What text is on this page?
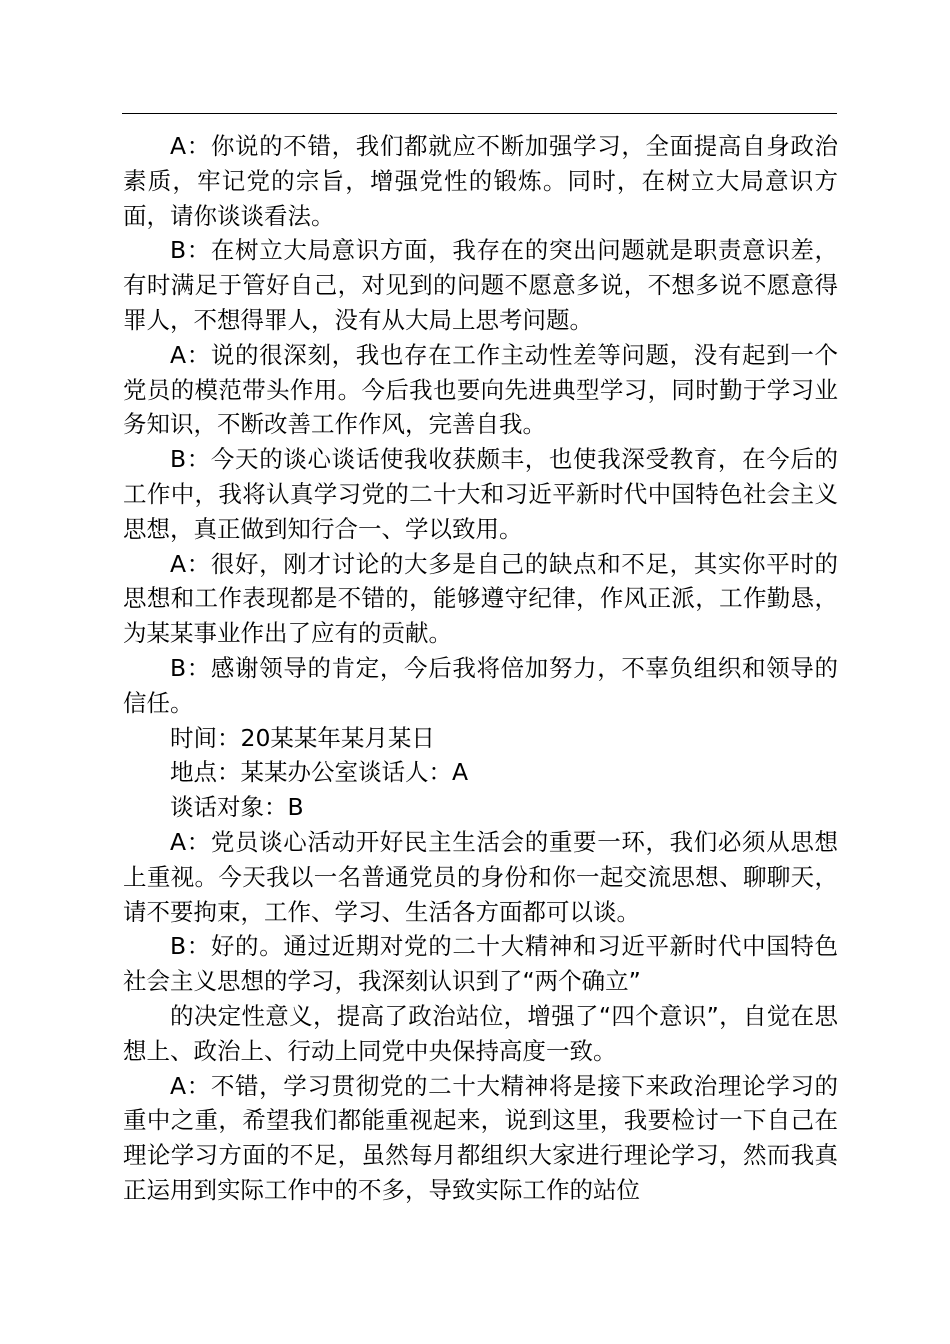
A：你说的不错，我们都就应不断加强学习，全面提高自身政治素质，牢记党的宗旨，增强党性的锻炼。同时，在树立大局意识方面，请你谈谈看法。

B：在树立大局意识方面，我存在的突出问题就是职责意识差，有时满足于管好自己，对见到的问题不愿意多说，不想多说不愿意得罪人，不想得罪人，没有从大局上思考问题。

A：说的很深刻，我也存在工作主动性差等问题，没有起到一个党员的模范带头作用。今后我也要向先进典型学习，同时勤于学习业务知识，不断改善工作作风，完善自我。

B：今天的谈心谈话使我收获颇丰，也使我深受教育，在今后的工作中，我将认真学习党的二十大和习近平新时代中国特色社会主义思想，真正做到知行合一、学以致用。

A：很好，刚才讨论的大多是自己的缺点和不足，其实你平时的思想和工作表现都是不错的，能够遵守纪律，作风正派，工作勤恳，为某某事业作出了应有的贡献。

B：感谢领导的肯定，今后我将倍加努力，不辜负组织和领导的信任。

时间：20某某年某月某日

地点：某某办公室谈话人：A

谈话对象：B

A：党员谈心活动开好民主生活会的重要一环，我们必须从思想上重视。今天我以一名普通党员的身份和你一起交流思想、聊聊天，请不要拘束，工作、学习、生活各方面都可以谈。

B：好的。通过近期对党的二十大精神和习近平新时代中国特色社会主义思想的学习，我深刻认识到了“两个确立”

的决定性意义，提高了政治站位，增强了“四个意识”，自觉在思想上、政治上、行动上同党中央保持高度一致。

A：不错，学习贯彻党的二十大精神将是接下来政治理论学习的重中之重，希望我们都能重视起来，说到这里，我要检讨一下自己在理论学习方面的不足，虽然每月都组织大家进行理论学习，然而我真正运用到实际工作中的不多，导致实际工作的站位
